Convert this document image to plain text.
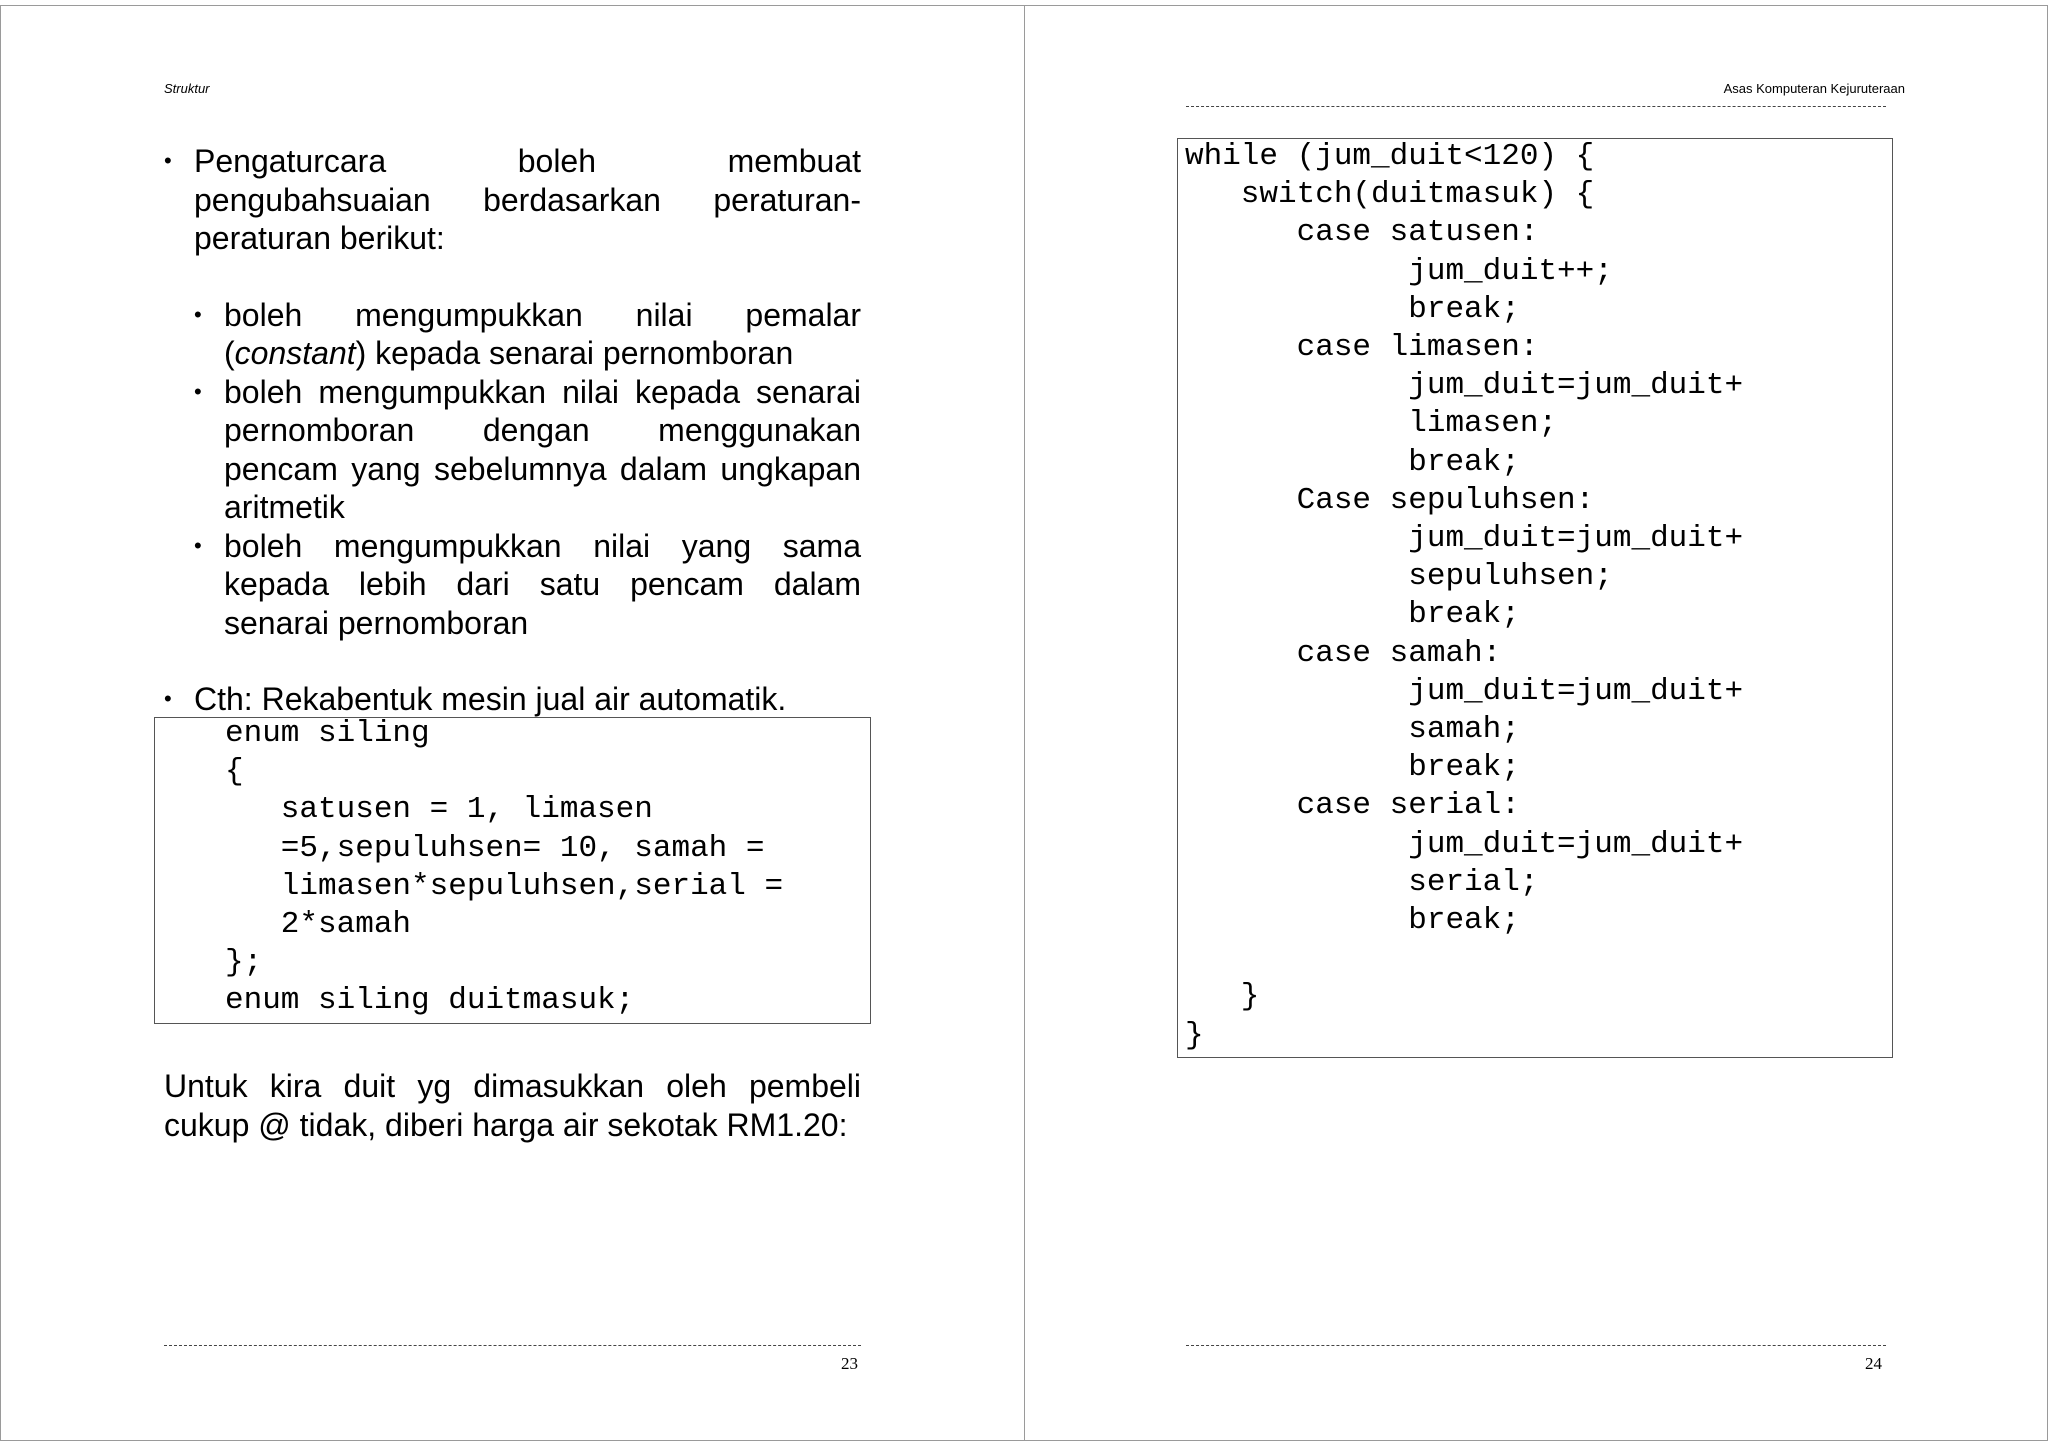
Struktur
• Pengaturcara boleh membuat pengubahsuaian berdasarkan peraturan-peraturan berikut:
• boleh mengumpukkan nilai pemalar (constant) kepada senarai pernomboran
• boleh mengumpukkan nilai kepada senarai pernomboran dengan menggunakan pencam yang sebelumnya dalam ungkapan aritmetik
• boleh mengumpukkan nilai yang sama kepada lebih dari satu pencam dalam senarai pernomboran
• Cth: Rekabentuk mesin jual air automatik.
enum siling
{
satusen = 1, limasen
=5,sepuluhsen= 10, samah =
limasen*sepuluhsen,serial =
2*samah
};
enum siling duitmasuk;
Untuk kira duit yg dimasukkan oleh pembeli cukup @ tidak, diberi harga air sekotak RM1.20:
23
Asas Komputeran Kejuruteraan
while (jum_duit<120) {
switch(duitmasuk) {
case satusen:
jum_duit++;
break;
case limasen:
jum_duit=jum_duit+
limasen;
break;
Case sepuluhsen:
jum_duit=jum_duit+
sepuluhsen;
break;
case samah:
jum_duit=jum_duit+
samah;
break;
case serial:
jum_duit=jum_duit+
serial;
break;

}
}
24
